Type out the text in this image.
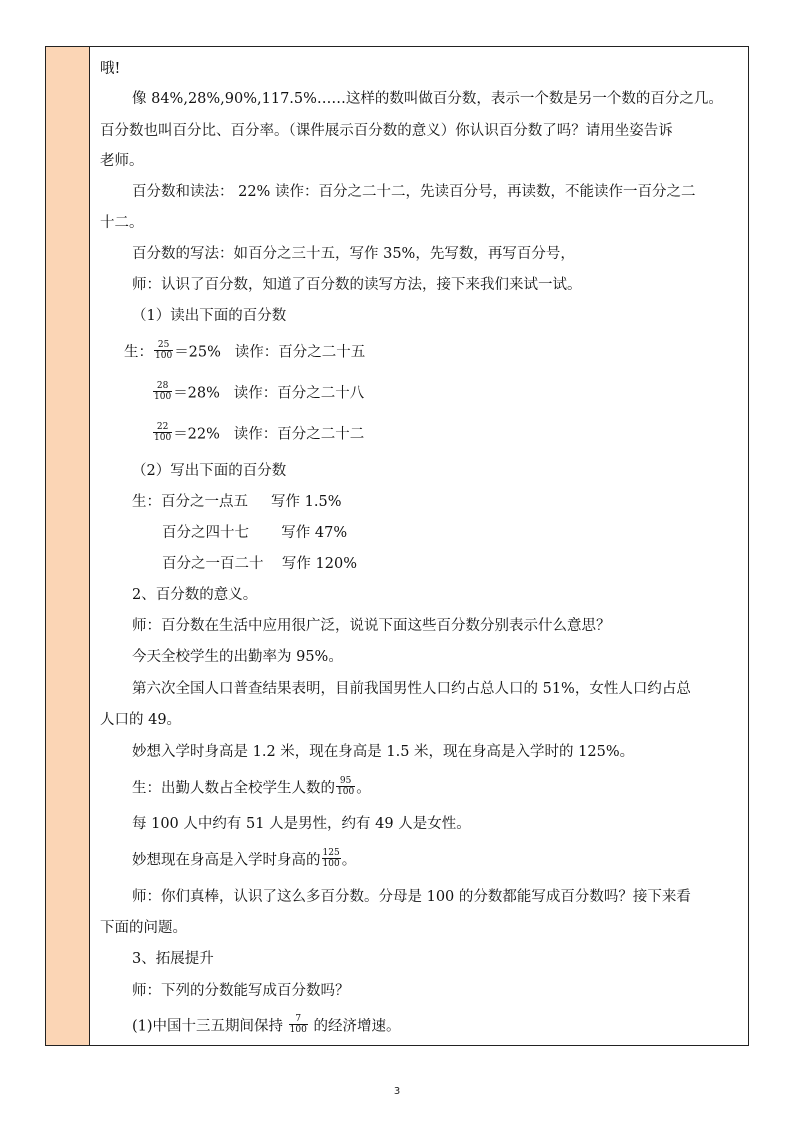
哦!
像 84%,28%,90%,117.5%……这样的数叫做百分数，表示一个数是另一个数的百分之几。
百分数也叫百分比、百分率。（课件展示百分数的意义）你认识百分数了吗？请用坐姿告诉
老师。
百分数和读法： 22% 读作：百分之二十二，先读百分号，再读数，不能读作一百分之二
十二。
百分数的写法：如百分之三十五，写作 35%，先写数，再写百分号，
师：认识了百分数，知道了百分数的读写方法，接下来我们来试一试。
（1）读出下面的百分数
生： $\frac{25}{100} =25\%$   读作：百分之二十五
$\frac{28}{100} =28\%$   读作：百分之二十八
$\frac{22}{100} =22\%$   读作：百分之二十二
（2）写出下面的百分数
生：百分之一点五     写作 1.5%
百分之四十七       写作 47%
百分之一百二十    写作 120%
2、百分数的意义。
师：百分数在生活中应用很广泛，说说下面这些百分数分别表示什么意思？
今天全校学生的出勤率为 95%。
第六次全国人口普查结果表明，目前我国男性人口约占总人口的 51%，女性人口约占总
人口的 49。
妙想入学时身高是 1.2 米，现在身高是 1.5 米，现在身高是入学时的 125%。
生：出勤人数占全校学生人数的 $\frac{95}{100}$ 。
每 100 人中约有 51 人是男性，约有 49 人是女性。
妙想现在身高是入学时身高的 $\frac{125}{100}$ 。
师：你们真棒，认识了这么多百分数。分母是 100 的分数都能写成百分数吗？接下来看
下面的问题。
3、拓展提升
师：下列的分数能写成百分数吗？
(1)中国十三五期间保持 $\frac{7}{100}$ 的经济增速。
3
